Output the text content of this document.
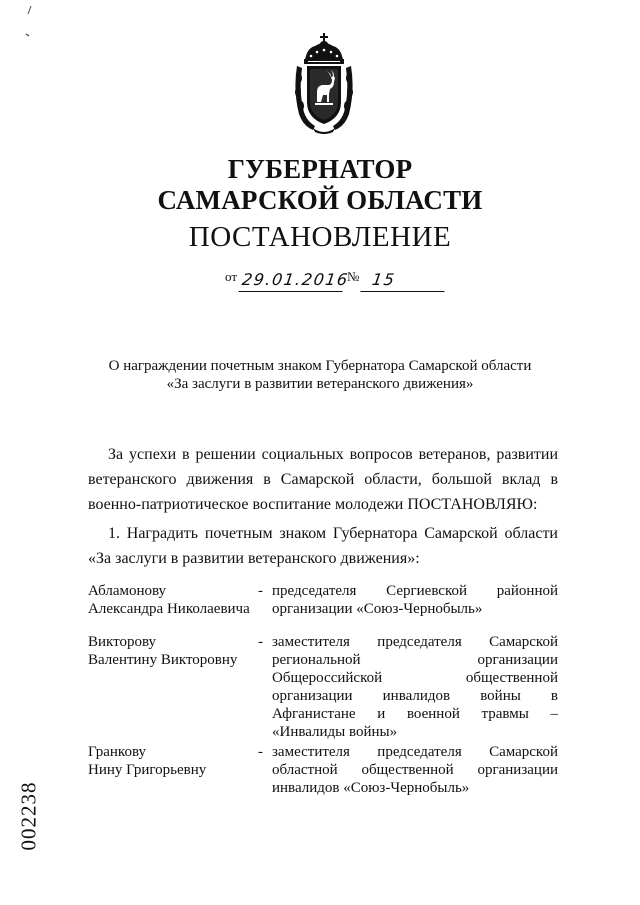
ГУБЕРНАТОР
САМАРСКОЙ ОБЛАСТИ
ПОСТАНОВЛЕНИЕ
от 29.01.2016№ 15
О награждении почетным знаком Губернатора Самарской области
«За заслуги в развитии ветеранского движения»
За успехи в решении социальных вопросов ветеранов, развитии ветеранского движения в Самарской области, большой вклад в военно-патриотическое воспитание молодежи ПОСТАНОВЛЯЮ:
1. Наградить почетным знаком Губернатора Самарской области «За заслуги в развитии ветеранского движения»:
Абламонову
Александра Николаевича
- председателя Сергиевской районной организации «Союз-Чернобыль»
Викторову
Валентину Викторовну
- заместителя председателя Самарской региональной организации Общероссийской общественной организации инвалидов войны в Афганистане и военной травмы – «Инвалиды войны»
Гранкову
Нину Григорьевну
- заместителя председателя Самарской областной общественной организации инвалидов «Союз-Чернобыль»
002238
